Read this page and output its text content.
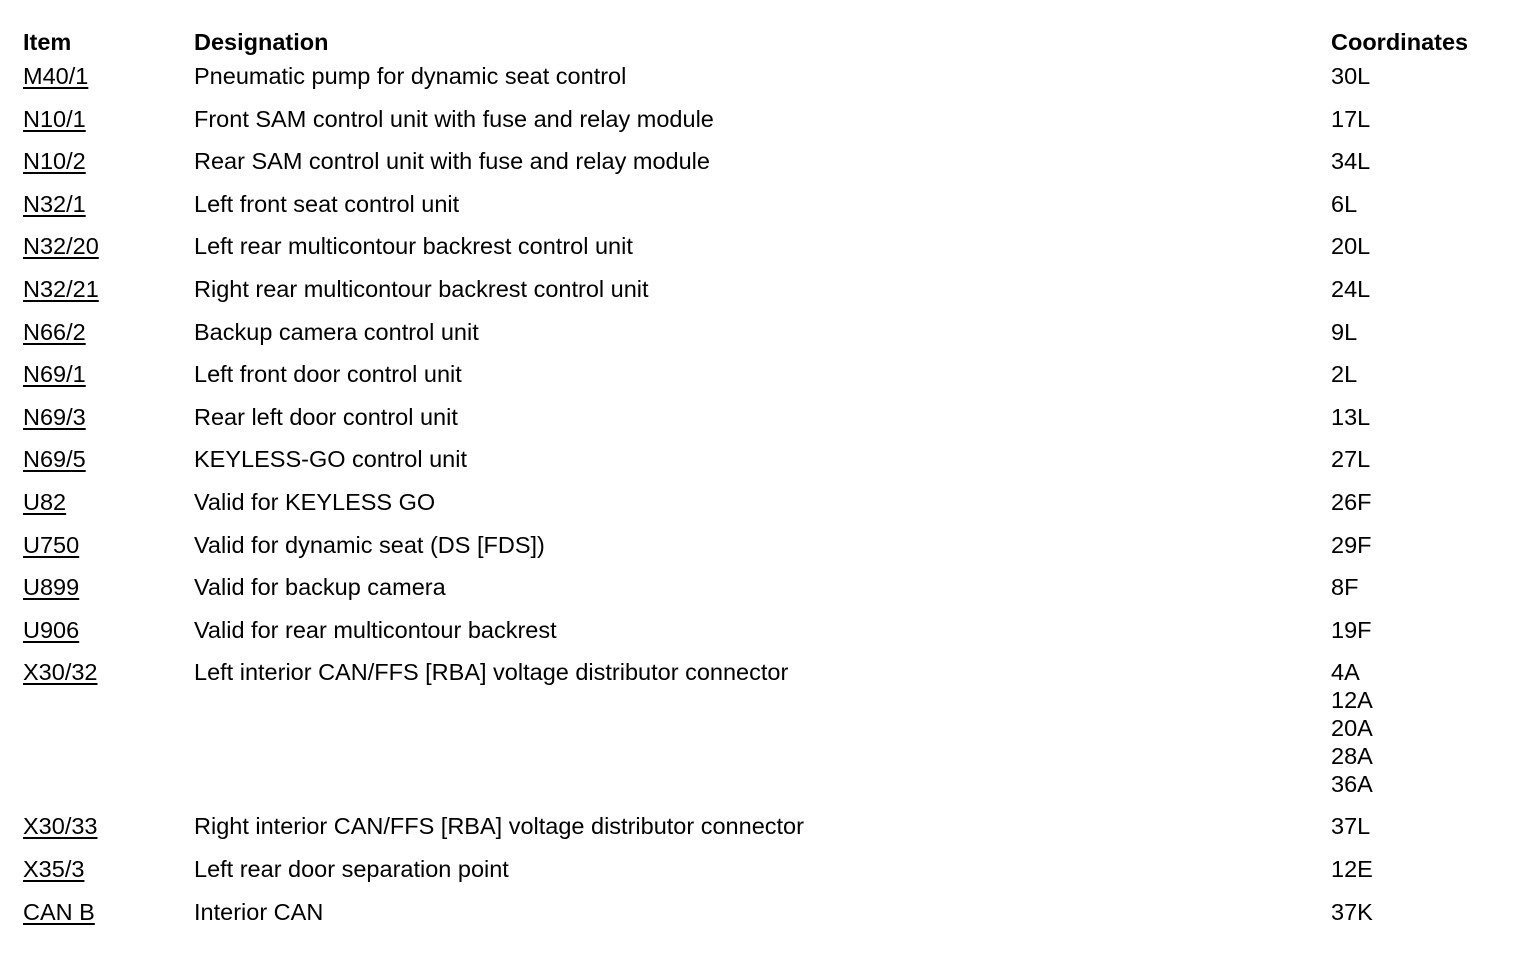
Item	Designation	Coordinates
M40/1	Pneumatic pump for dynamic seat control	30L

N10/1	Front SAM control unit with fuse and relay module	17L

N10/2	Rear SAM control unit with fuse and relay module	34L

N32/1	Left front seat control unit	6L

N32/20	Left rear multicontour backrest control unit	20L

N32/21	Right rear multicontour backrest control unit	24L

N66/2	Backup camera control unit	9L

N69/1	Left front door control unit	2L

N69/3	Rear left door control unit	13L

N69/5	KEYLESS-GO control unit	27L

U82	Valid for KEYLESS GO	26F

U750	Valid for dynamic seat (DS [FDS])	29F

U899	Valid for backup camera	8F

U906	Valid for rear multicontour backrest	19F

X30/32	Left interior CAN/FFS [RBA] voltage distributor connector	4A
12A
20A
28A
36A

X30/33	Right interior CAN/FFS [RBA] voltage distributor connector	37L

X35/3	Left rear door separation point	12E

CAN B	Interior CAN	37K
